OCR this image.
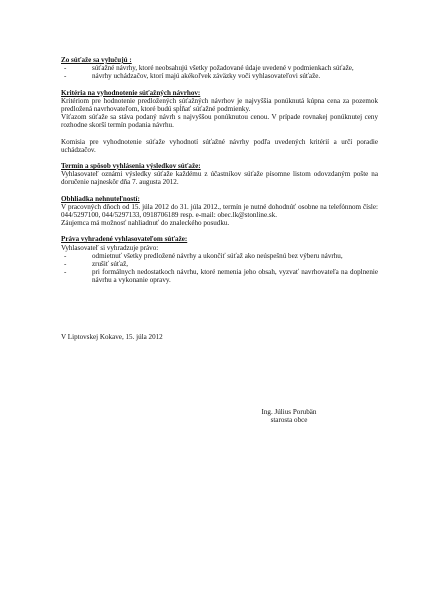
Zo súťaže sa vylučujú :
- súťažné návrhy, ktoré neobsahujú všetky požadované údaje uvedené v podmienkach súťaže,
- návrhy uchádzačov, ktorí majú akékoľvek záväzky voči vyhlasovateľovi súťaže.
Kritéria na vyhodnotenie súťažných návrhov:

Kritériom pre hodnotenie predložených súťažných návrhov je najvyššia ponúknutá kúpna cena za pozemok predložená navrhovateľom, ktoré budú spĺňať súťažné podmienky.

Víťazom súťaže sa stáva podaný návrh s najvyššou ponúknutou cenou. V prípade rovnakej ponúknutej ceny rozhodne skorší termín podania návrhu.

Komisia pre vyhodnotenie súťaže vyhodnotí súťažné návrhy podľa uvedených kritérií a určí poradie uchádzačov.

Termín a spôsob vyhlásenia výsledkov súťaže:

Vyhlasovateľ oznámi výsledky súťaže každému z účastníkov súťaže písomne listom odovzdaným pošte na doručenie najneskôr dňa 7. augusta 2012.

Obhliadka nehnuteľností:

V pracovných dňoch od 15. júla 2012 do 31. júla 2012., termín je nutné dohodnúť osobne na telefónnom čísle: 044/5297100, 044/5297133, 0918706189 resp. e-mail: obec.lk@stonline.sk.

Záujemca má možnosť nahliadnuť do znaleckého posudku.

Práva vyhradené vyhlasovateľom súťaže:

Vyhlasovateľ si vyhradzuje právo:

- odmietnuť všetky predložené návrhy a ukončiť súťaž ako neúspešnú bez výberu návrhu,
- zrušiť súťaž,
- pri formálnych nedostatkoch návrhu, ktoré nemenia jeho obsah, vyzvať navrhovateľa na doplnenie návrhu a vykonanie opravy.

V Liptovskej Kokave, 15. júla 2012

Ing. Július Porubän
starosta obce
